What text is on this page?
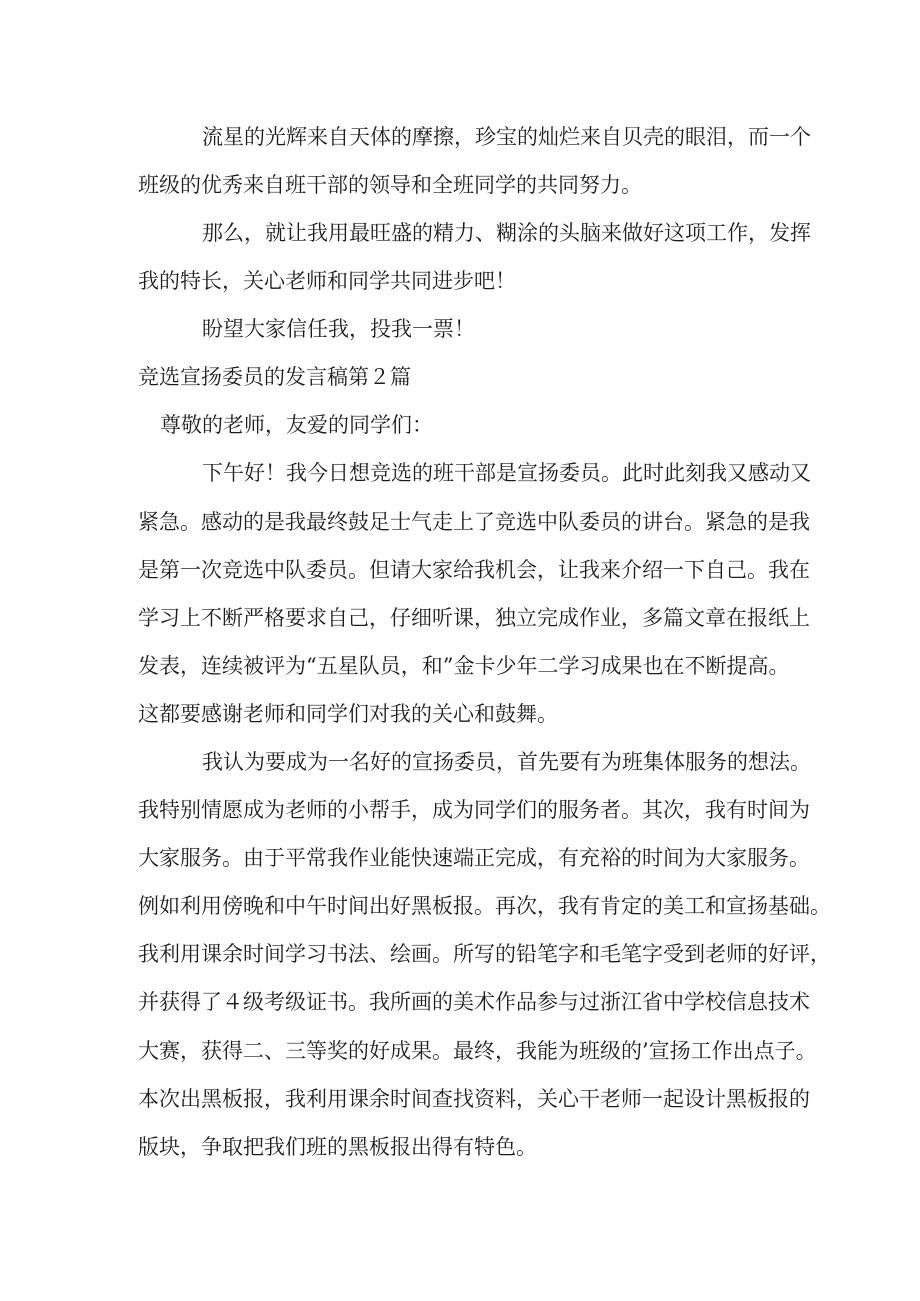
流星的光辉来自天体的摩擦，珍宝的灿烂来自贝壳的眼泪，而一个

班级的优秀来自班干部的领导和全班同学的共同努力。

那么，就让我用最旺盛的精力、糊涂的头脑来做好这项工作，发挥

我的特长，关心老师和同学共同进步吧！

盼望大家信任我，投我一票！

竞选宣扬委员的发言稿第２篇

尊敬的老师，友爱的同学们：

下午好！我今日想竞选的班干部是宣扬委员。此时此刻我又感动又

紧急。感动的是我最终鼓足士气走上了竞选中队委员的讲台。紧急的是我

是第一次竞选中队委员。但请大家给我机会，让我来介绍一下自己。我在

学习上不断严格要求自己，仔细听课，独立完成作业，多篇文章在报纸上

发表，连续被评为“五星队员，和”金卡少年二学习成果也在不断提高。

这都要感谢老师和同学们对我的关心和鼓舞。

我认为要成为一名好的宣扬委员，首先要有为班集体服务的想法。

我特别情愿成为老师的小帮手，成为同学们的服务者。其次，我有时间为

大家服务。由于平常我作业能快速端正完成，有充裕的时间为大家服务。

例如利用傍晚和中午时间出好黑板报。再次，我有肯定的美工和宣扬基础。

我利用课余时间学习书法、绘画。所写的铅笔字和毛笔字受到老师的好评，

并获得了４级考级证书。我所画的美术作品参与过浙江省中学校信息技术

大赛，获得二、三等奖的好成果。最终，我能为班级的’宣扬工作出点子。

本次出黑板报，我利用课余时间查找资料，关心干老师一起设计黑板报的

版块，争取把我们班的黑板报出得有特色。
